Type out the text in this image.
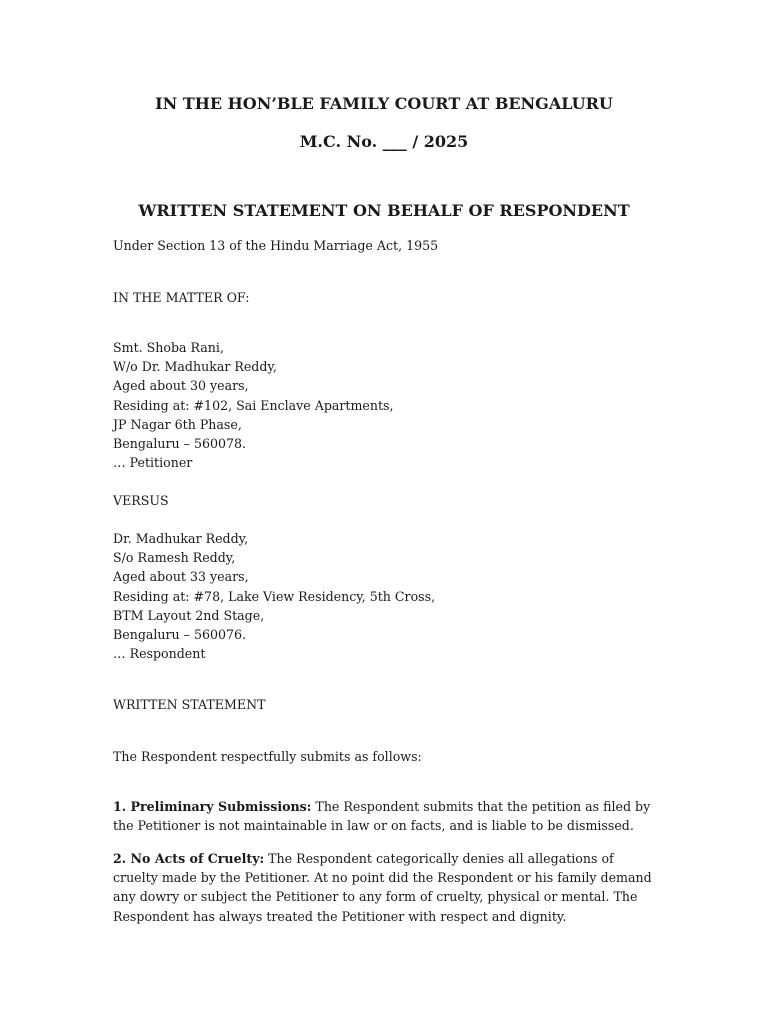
IN THE HON’BLE FAMILY COURT AT BENGALURU
M.C. No. ___ / 2025
WRITTEN STATEMENT ON BEHALF OF RESPONDENT
Under Section 13 of the Hindu Marriage Act, 1955
IN THE MATTER OF:
Smt. Shoba Rani,
W/o Dr. Madhukar Reddy,
Aged about 30 years,
Residing at: #102, Sai Enclave Apartments,
JP Nagar 6th Phase,
Bengaluru – 560078.
… Petitioner
VERSUS
Dr. Madhukar Reddy,
S/o Ramesh Reddy,
Aged about 33 years,
Residing at: #78, Lake View Residency, 5th Cross,
BTM Layout 2nd Stage,
Bengaluru – 560076.
… Respondent
WRITTEN STATEMENT
The Respondent respectfully submits as follows:
1. Preliminary Submissions: The Respondent submits that the petition as filed by the Petitioner is not maintainable in law or on facts, and is liable to be dismissed.
2. No Acts of Cruelty: The Respondent categorically denies all allegations of cruelty made by the Petitioner. At no point did the Respondent or his family demand any dowry or subject the Petitioner to any form of cruelty, physical or mental. The Respondent has always treated the Petitioner with respect and dignity.
